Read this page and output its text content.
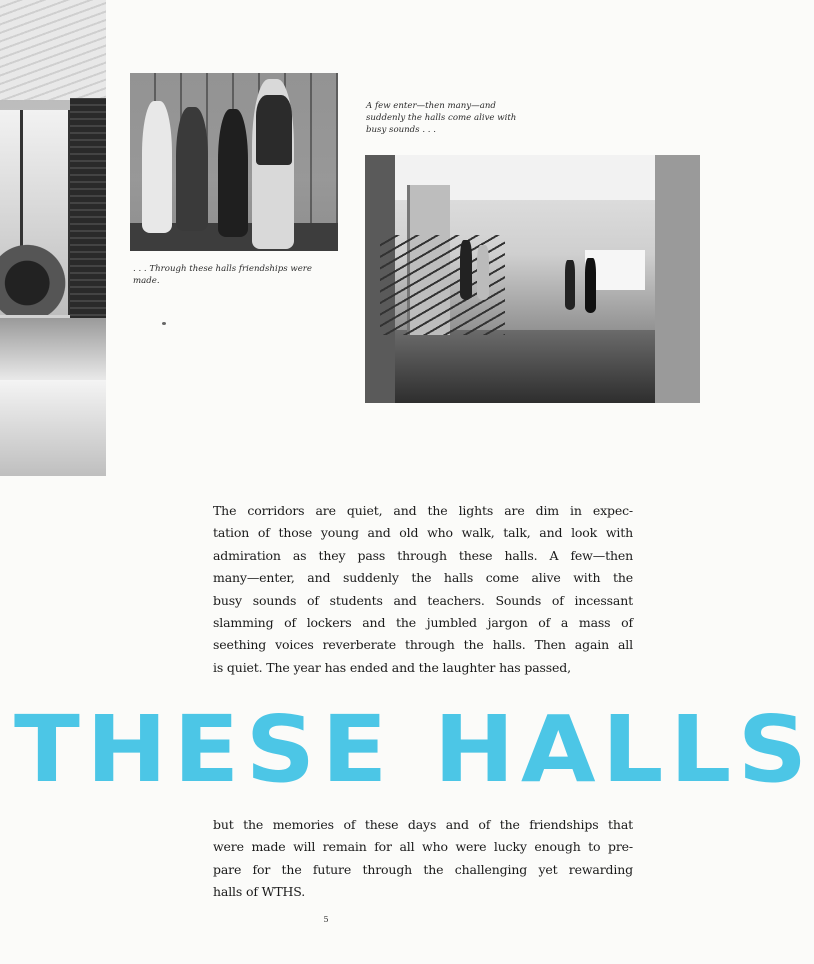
. . . Through these halls friendships were made.

A few enter—then many—and suddenly the halls come alive with busy sounds . . .

The corridors are quiet, and the lights are dim in expec-
tation of those young and old who walk, talk, and look with
admiration as they pass through these halls. A few—then
many—enter, and suddenly the halls come alive with the
busy sounds of students and teachers. Sounds of incessant
slamming of lockers and the jumbled jargon of a mass of
seething voices reverberate through the halls. Then again all
is quiet. The year has ended and the laughter has passed,

THESE HALLS

but the memories of these days and of the friendships that
were made will remain for all who were lucky enough to pre-
pare for the future through the challenging yet rewarding
halls of WTHS.

5
